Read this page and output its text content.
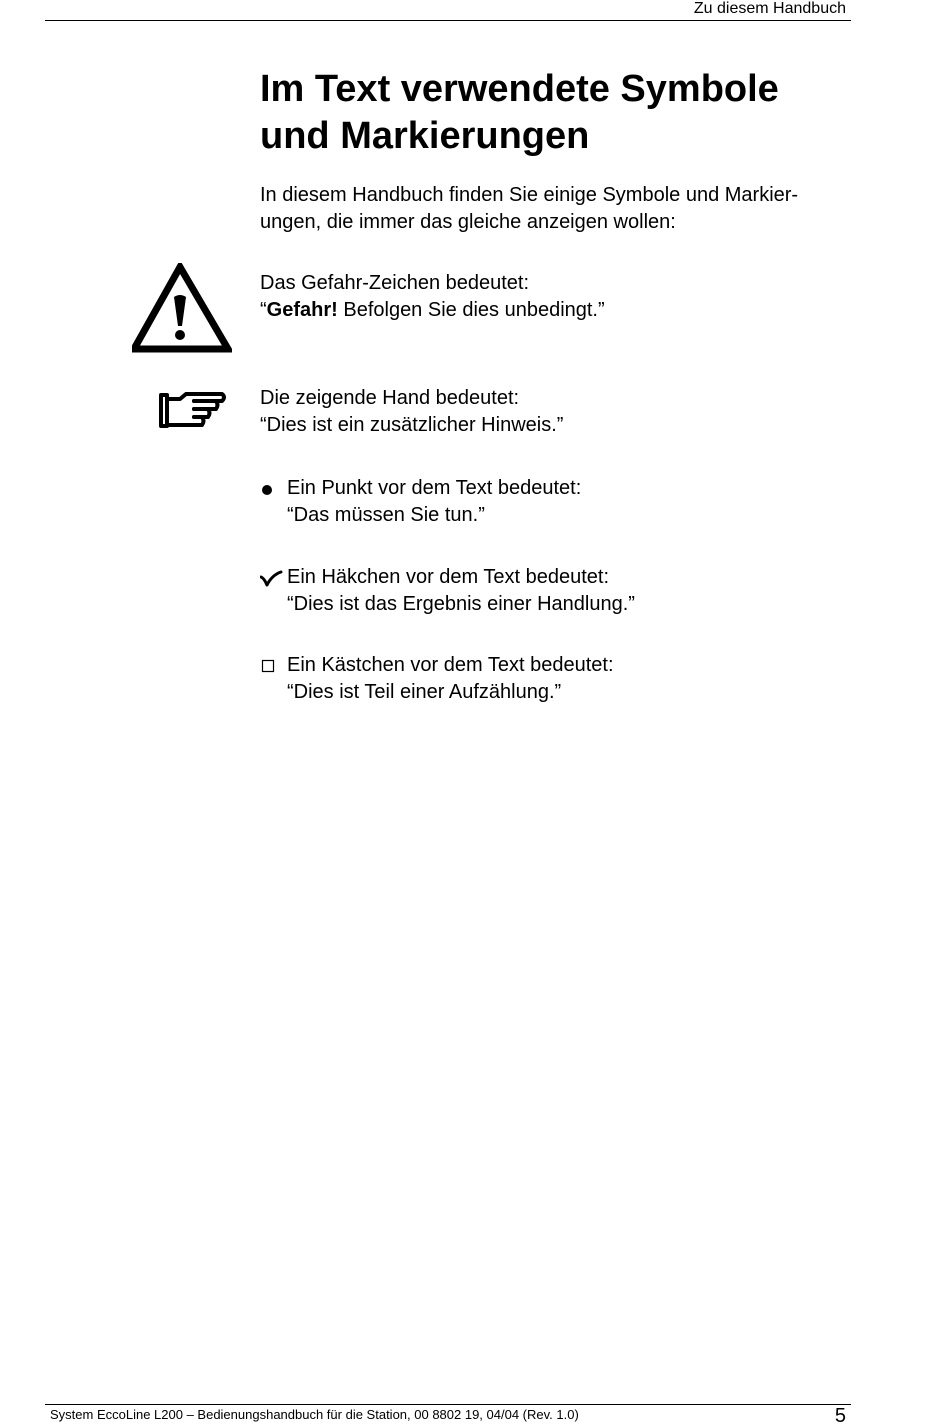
Zu diesem Handbuch
Im Text verwendete Symbole
und Markierungen
In diesem Handbuch finden Sie einige Symbole und Markier-
ungen, die immer das gleiche anzeigen wollen:
Das Gefahr-Zeichen bedeutet:
“Gefahr! Befolgen Sie dies unbedingt.”
Die zeigende Hand bedeutet:
“Dies ist ein zusätzlicher Hinweis.”
Ein Punkt vor dem Text bedeutet:
“Das müssen Sie tun.”
Ein Häkchen vor dem Text bedeutet:
“Dies ist das Ergebnis einer Handlung.”
Ein Kästchen vor dem Text bedeutet:
“Dies ist Teil einer Aufzählung.”
System EccoLine L200 – Bedienungshandbuch für die Station, 00 8802 19, 04/04 (Rev. 1.0)	5
